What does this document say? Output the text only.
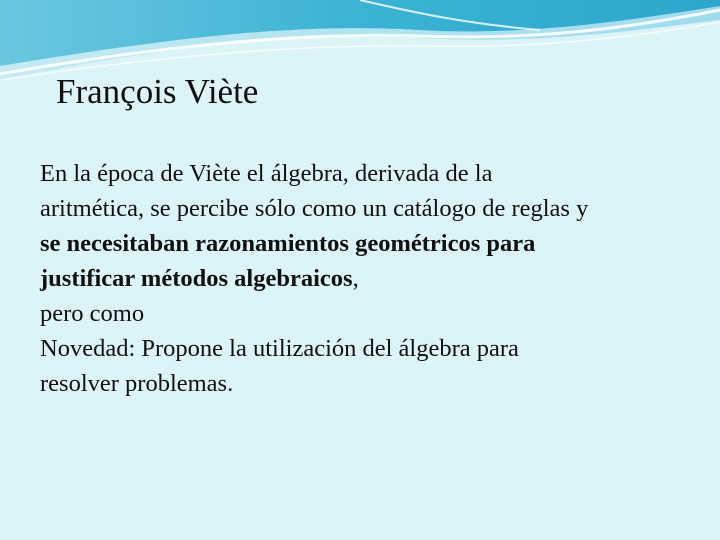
François Viète
En la época de Viète el álgebra, derivada de la
aritmética, se percibe sólo como un catálogo de reglas y
se necesitaban razonamientos geométricos para
justificar métodos algebraicos,
pero como
Novedad: Propone la utilización del álgebra para
resolver problemas.
